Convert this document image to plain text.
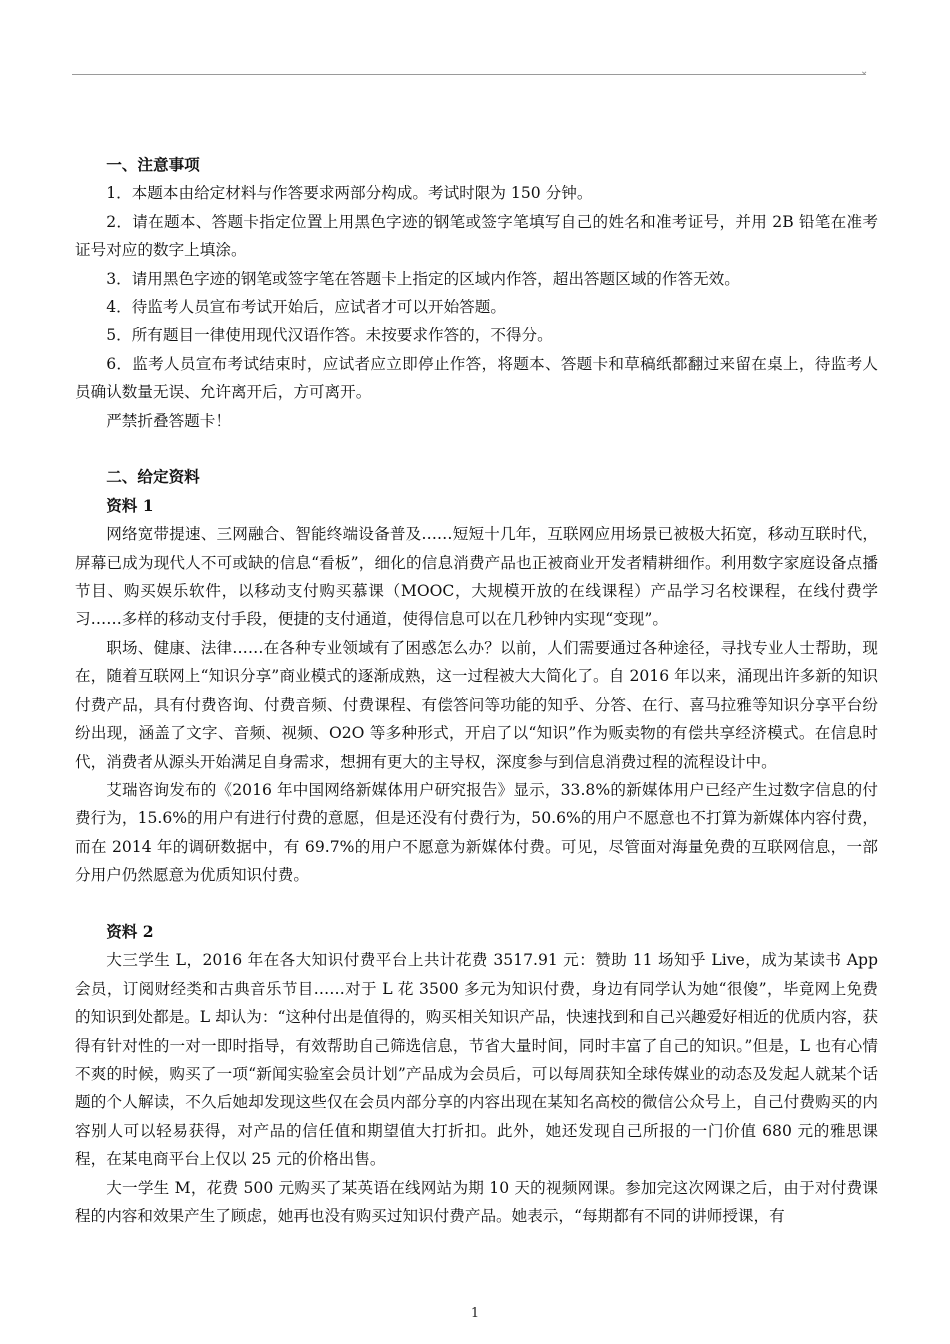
⌄

一、注意事项

1．本题本由给定材料与作答要求两部分构成。考试时限为 150 分钟。

2．请在题本、答题卡指定位置上用黑色字迹的钢笔或签字笔填写自己的姓名和准考证号，并用 2B 铅笔在准考证号对应的数字上填涂。

3．请用黑色字迹的钢笔或签字笔在答题卡上指定的区域内作答，超出答题区域的作答无效。

4．待监考人员宣布考试开始后，应试者才可以开始答题。

5．所有题目一律使用现代汉语作答。未按要求作答的，不得分。

6．监考人员宣布考试结束时，应试者应立即停止作答，将题本、答题卡和草稿纸都翻过来留在桌上，待监考人员确认数量无误、允许离开后，方可离开。

严禁折叠答题卡！

二、给定资料

资料 1

网络宽带提速、三网融合、智能终端设备普及……短短十几年，互联网应用场景已被极大拓宽，移动互联时代，屏幕已成为现代人不可或缺的信息“看板”，细化的信息消费产品也正被商业开发者精耕细作。利用数字家庭设备点播节目、购买娱乐软件，以移动支付购买慕课（MOOC，大规模开放的在线课程）产品学习名校课程，在线付费学习……多样的移动支付手段，便捷的支付通道，使得信息可以在几秒钟内实现“变现”。

职场、健康、法律……在各种专业领域有了困惑怎么办？以前，人们需要通过各种途径，寻找专业人士帮助，现在，随着互联网上“知识分享”商业模式的逐渐成熟，这一过程被大大简化了。自 2016 年以来，涌现出许多新的知识付费产品，具有付费咨询、付费音频、付费课程、有偿答问等功能的知乎、分答、在行、喜马拉雅等知识分享平台纷纷出现，涵盖了文字、音频、视频、O2O 等多种形式，开启了以“知识”作为贩卖物的有偿共享经济模式。在信息时代，消费者从源头开始满足自身需求，想拥有更大的主导权，深度参与到信息消费过程的流程设计中。

艾瑞咨询发布的《2016 年中国网络新媒体用户研究报告》显示，33.8%的新媒体用户已经产生过数字信息的付费行为，15.6%的用户有进行付费的意愿，但是还没有付费行为，50.6%的用户不愿意也不打算为新媒体内容付费，而在 2014 年的调研数据中，有 69.7%的用户不愿意为新媒体付费。可见，尽管面对海量免费的互联网信息，一部分用户仍然愿意为优质知识付费。

资料 2

大三学生 L，2016 年在各大知识付费平台上共计花费 3517.91 元：赞助 11 场知乎 Live，成为某读书 App 会员，订阅财经类和古典音乐节目……对于 L 花 3500 多元为知识付费，身边有同学认为她“很傻”，毕竟网上免费的知识到处都是。L 却认为：“这种付出是值得的，购买相关知识产品，快速找到和自己兴趣爱好相近的优质内容，获得有针对性的一对一即时指导，有效帮助自己筛选信息，节省大量时间，同时丰富了自己的知识。”但是，L 也有心情不爽的时候，购买了一项“新闻实验室会员计划”产品成为会员后，可以每周获知全球传媒业的动态及发起人就某个话题的个人解读，不久后她却发现这些仅在会员内部分享的内容出现在某知名高校的微信公众号上，自己付费购买的内容别人可以轻易获得，对产品的信任值和期望值大打折扣。此外，她还发现自己所报的一门价值 680 元的雅思课程，在某电商平台上仅以 25 元的价格出售。

大一学生 M，花费 500 元购买了某英语在线网站为期 10 天的视频网课。参加完这次网课之后，由于对付费课程的内容和效果产生了顾虑，她再也没有购买过知识付费产品。她表示，“每期都有不同的讲师授课，有

1
